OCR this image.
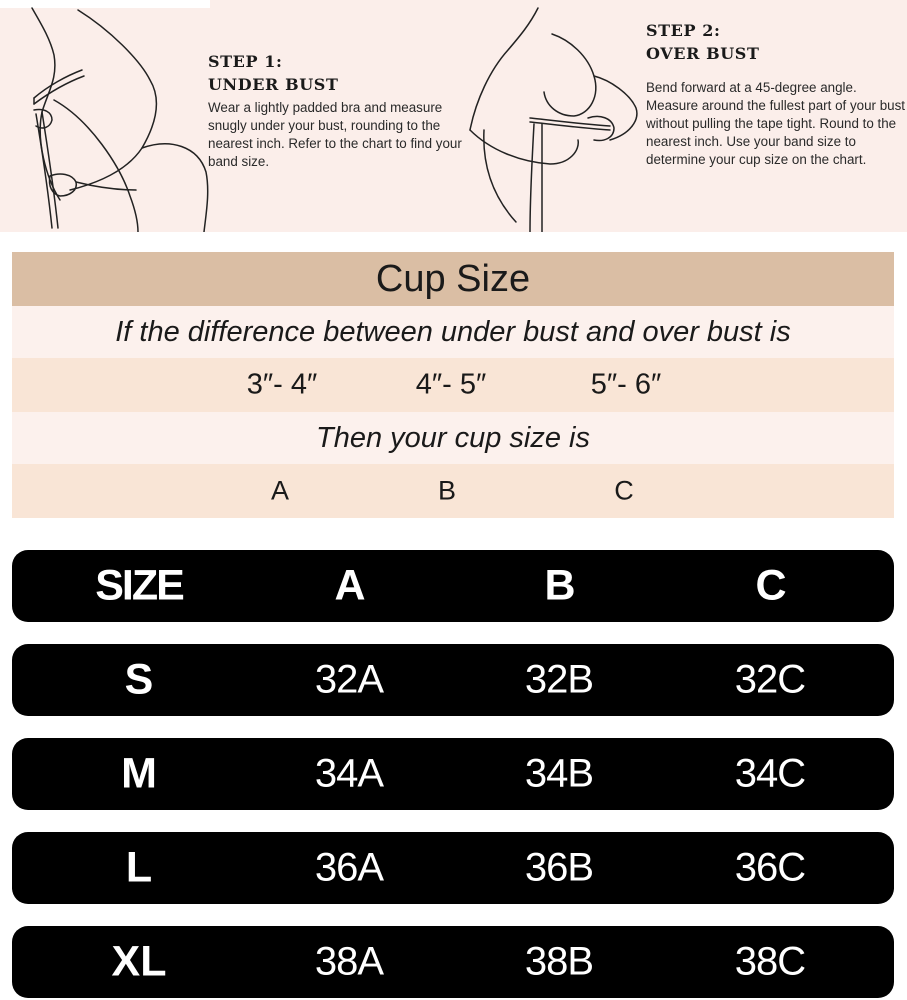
STEP 1:
UNDER BUST
Wear a lightly padded bra and measure snugly under your bust, rounding to the nearest inch. Refer to the chart to find your band size.
STEP 2:
OVER BUST
Bend forward at a 45-degree angle. Measure around the fullest part of your bust without pulling the tape tight. Round to the nearest inch. Use your band size to determine your cup size on the chart.
Cup Size
If the difference between under bust and over bust is
3″- 4″	4″- 5″	5″- 6″
Then your cup size is
A	B	C
SIZE	A	B	C
S	32A	32B	32C
M	34A	34B	34C
L	36A	36B	36C
XL	38A	38B	38C
